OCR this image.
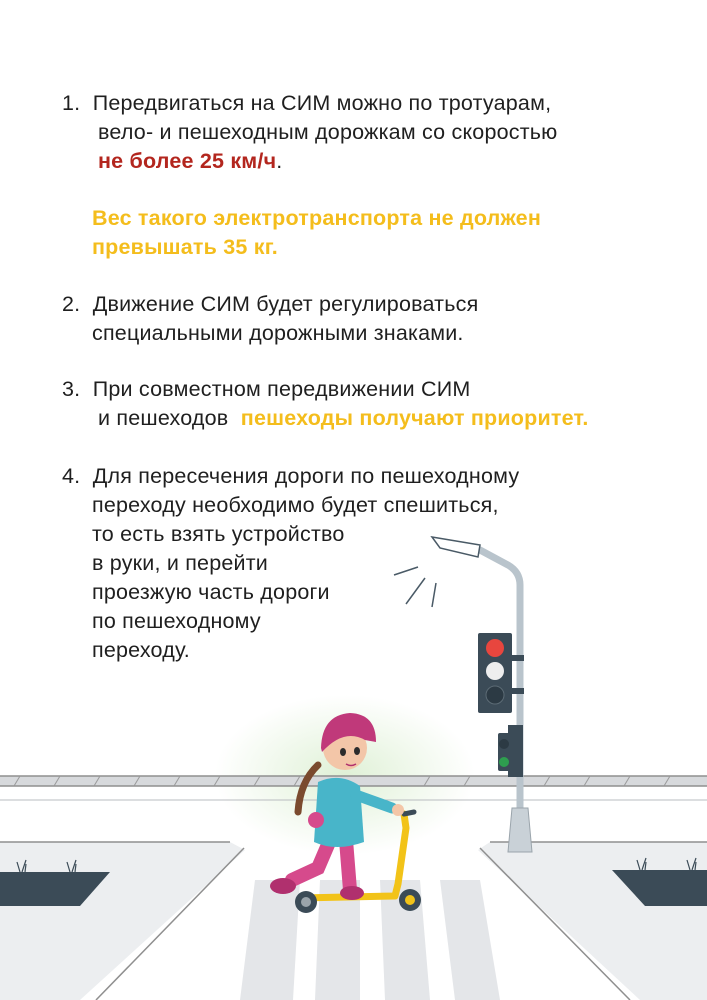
1. Передвигаться на СИМ можно по тротуарам,
вело- и пешеходным дорожкам со скоростью
не более 25 км/ч.
Вес такого электротранспорта не должен
превышать 35 кг.
2. Движение СИМ будет регулироваться
специальными дорожными знаками.
3. При совместном передвижении СИМ
и пешеходов пешеходы получают приоритет.
4. Для пересечения дороги по пешеходному
переходу необходимо будет спешиться,
то есть взять устройство
в руки, и перейти
проезжую часть дороги
по пешеходному
переходу.
